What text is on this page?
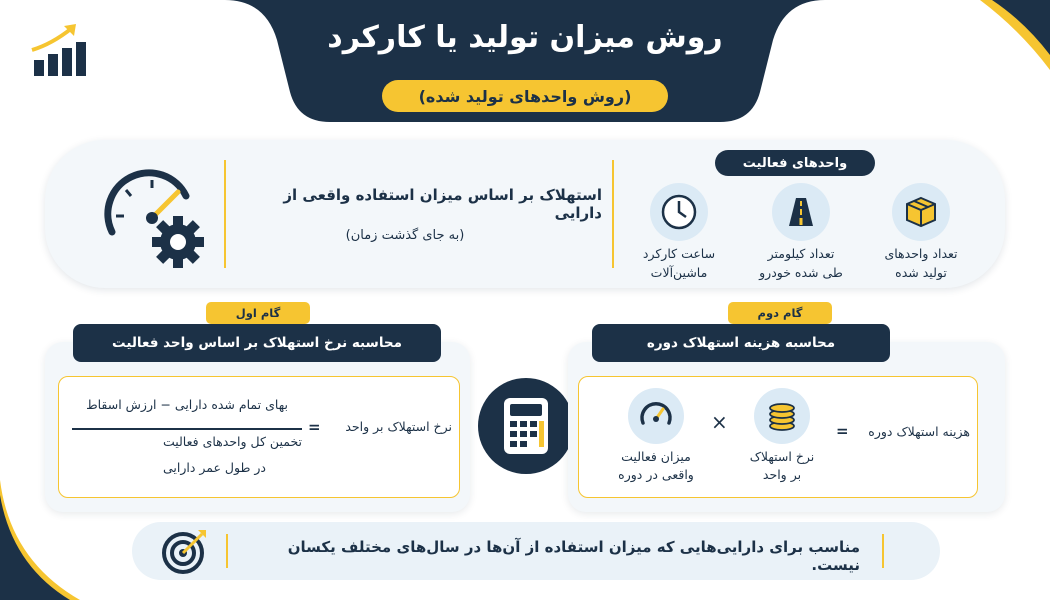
روش میزان تولید یا کارکرد
(روش واحدهای تولید شده)
واحدهای فعالیت
تعداد واحدهای
تولید شده
تعداد کیلومتر
طی شده خودرو
ساعت کارکرد
ماشین‌آلات
استهلاک بر اساس میزان استفاده واقعی از دارایی
(به جای گذشت زمان)
گام اول
محاسبه نرخ استهلاک بر اساس واحد فعالیت
نرخ استهلاک بر واحد
=
بهای تمام شده دارایی − ارزش اسقاط
تخمین کل واحدهای فعالیت
در طول عمر دارایی
گام دوم
محاسبه هزینه استهلاک دوره
هزینه استهلاک دوره
=
نرخ استهلاک
بر واحد
×
میزان فعالیت
واقعی در دوره
مناسب برای دارایی‌هایی که میزان استفاده از آن‌ها در سال‌های مختلف یکسان نیست.
